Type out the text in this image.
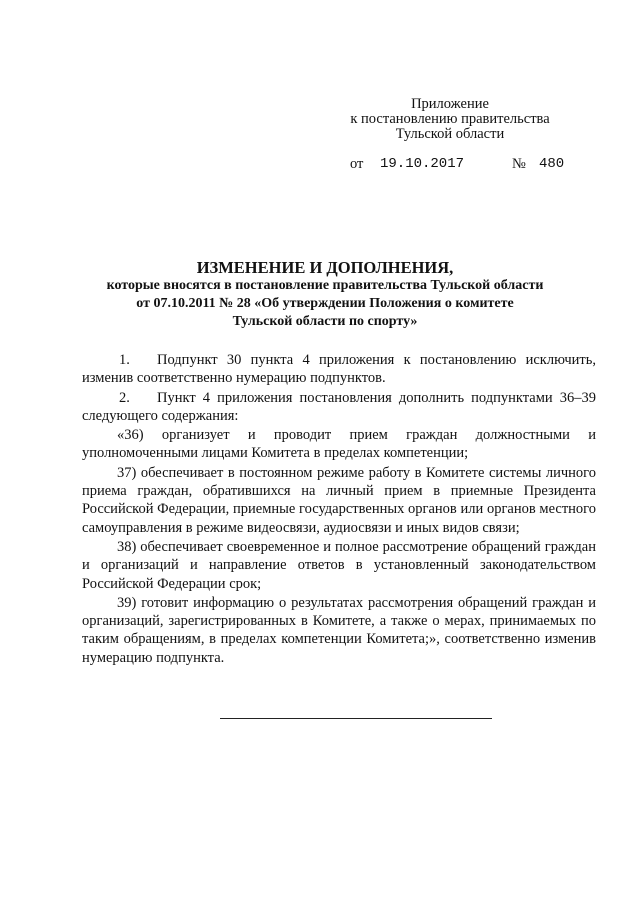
Приложение
к постановлению правительства
Тульской области
от 19.10.2017	№ 480
ИЗМЕНЕНИЕ И ДОПОЛНЕНИЯ,
которые вносятся в постановление правительства Тульской области
от 07.10.2011 № 28 «Об утверждении Положения о комитете
Тульской области по спорту»

1. Подпункт 30 пункта 4 приложения к постановлению исключить, изменив соответственно нумерацию подпунктов.

2. Пункт 4 приложения постановления дополнить подпунктами 36–39 следующего содержания:

«36) организует и проводит прием граждан должностными и уполномоченными лицами Комитета в пределах компетенции;

37) обеспечивает в постоянном режиме работу в Комитете системы личного приема граждан, обратившихся на личный прием в приемные Президента Российской Федерации, приемные государственных органов или органов местного самоуправления в режиме видеосвязи, аудиосвязи и иных видов связи;

38) обеспечивает своевременное и полное рассмотрение обращений граждан и организаций и направление ответов в установленный законодательством Российской Федерации срок;

39) готовит информацию о результатах рассмотрения обращений граждан и организаций, зарегистрированных в Комитете, а также о мерах, принимаемых по таким обращениям, в пределах компетенции Комитета;», соответственно изменив нумерацию подпункта.
